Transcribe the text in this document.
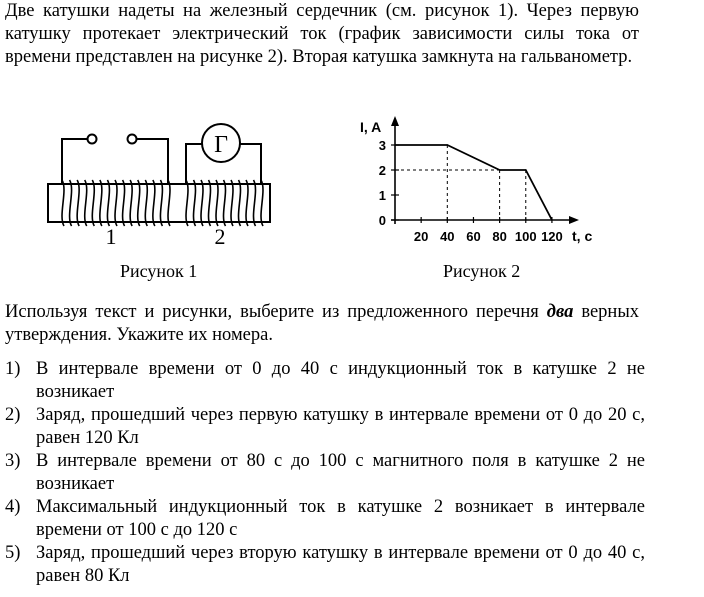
Две катушки надеты на железный сердечник (см. рисунок 1). Через первую катушку протекает электрический ток (график зависимости силы тока от времени представлен на рисунке 2). Вторая катушка замкнута на гальванометр.

Г
1	2	20 40 60 80 100 120
0
1
2
3
I, A
t, c
Рисунок 1	Рисунок 2

Используя текст и рисунки, выберите из предложенного перечня два верных утверждения. Укажите их номера.

1) В интервале времени от 0 до 40 с индукционный ток в катушке 2 не возникает
2) Заряд, прошедший через первую катушку в интервале времени от 0 до 20 с, равен 120 Кл
3) В интервале времени от 80 с до 100 с магнитного поля в катушке 2 не возникает
4) Максимальный индукционный ток в катушке 2 возникает в интервале времени от 100 с до 120 с
5) Заряд, прошедший через вторую катушку в интервале времени от 0 до 40 с, равен 80 Кл
